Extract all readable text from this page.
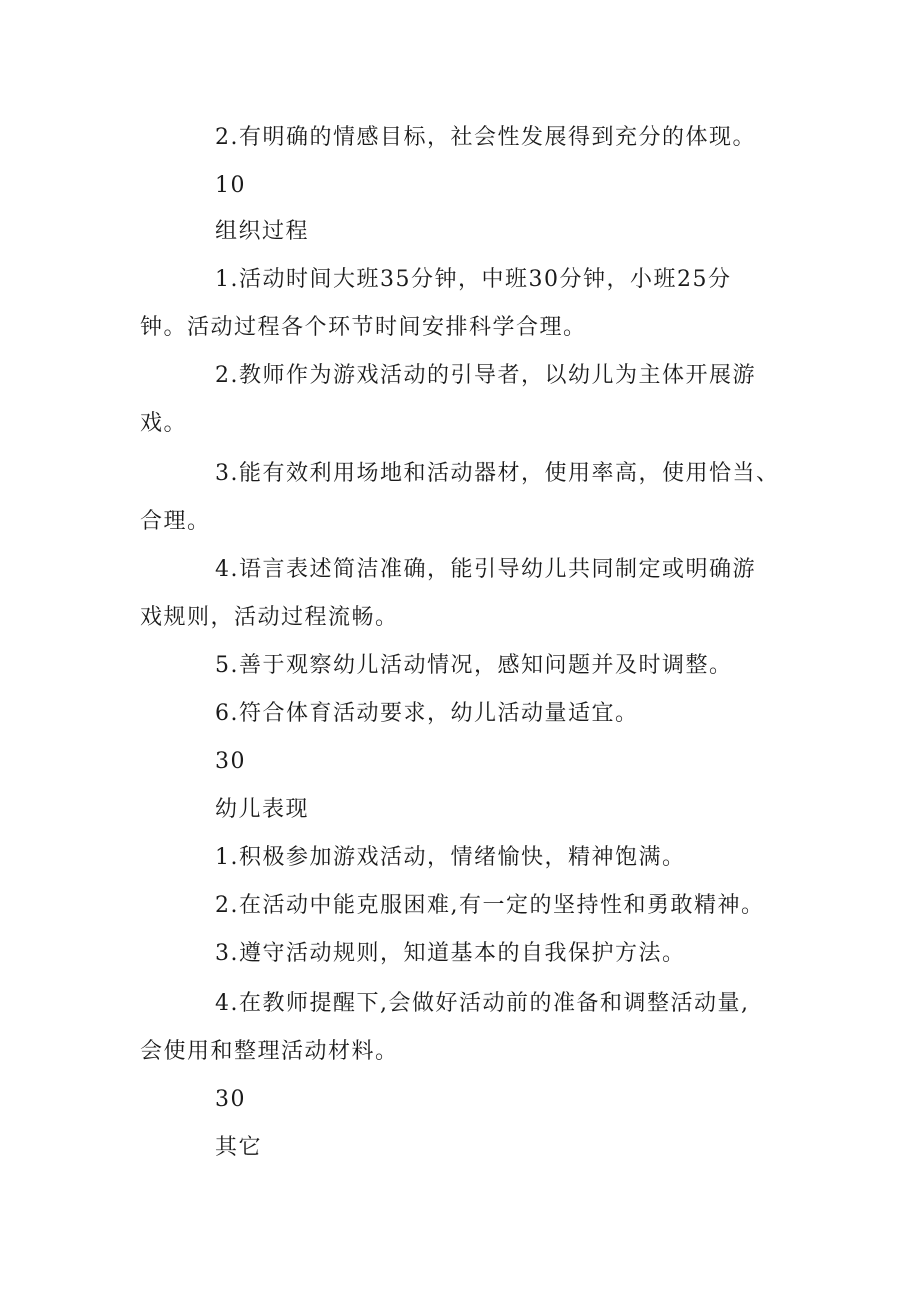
2.有明确的情感目标，社会性发展得到充分的体现。
10
组织过程
1.活动时间大班35分钟，中班30分钟，小班25分
钟。活动过程各个环节时间安排科学合理。
2.教师作为游戏活动的引导者，以幼儿为主体开展游
戏。
3.能有效利用场地和活动器材，使用率高，使用恰当、
合理。
4.语言表述简洁准确，能引导幼儿共同制定或明确游
戏规则，活动过程流畅。
5.善于观察幼儿活动情况，感知问题并及时调整。
6.符合体育活动要求，幼儿活动量适宜。
30
幼儿表现
1.积极参加游戏活动，情绪愉快，精神饱满。
2.在活动中能克服困难,有一定的坚持性和勇敢精神。
3.遵守活动规则，知道基本的自我保护方法。
4.在教师提醒下,会做好活动前的准备和调整活动量,
会使用和整理活动材料。
30
其它
